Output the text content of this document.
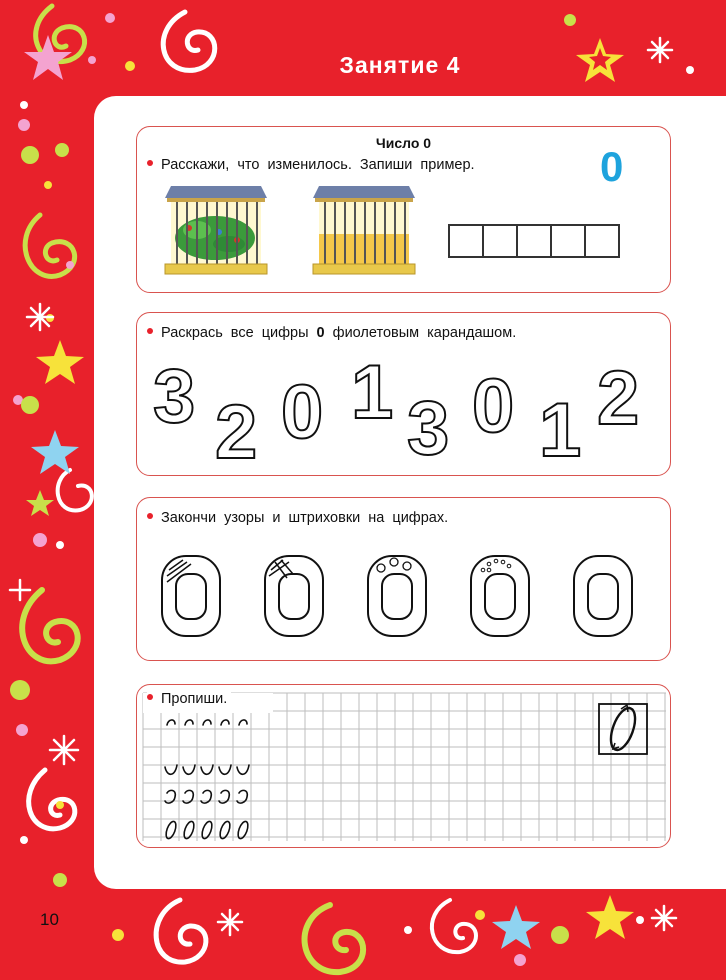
Занятие 4
Число 0
Расскажи, что изменилось. Запиши пример.	0
Раскрась все цифры 0 фиолетовым карандашом.
3 2 0 1 3 0 1 2
Закончи узоры и штриховки на цифрах.
Пропиши.
10
